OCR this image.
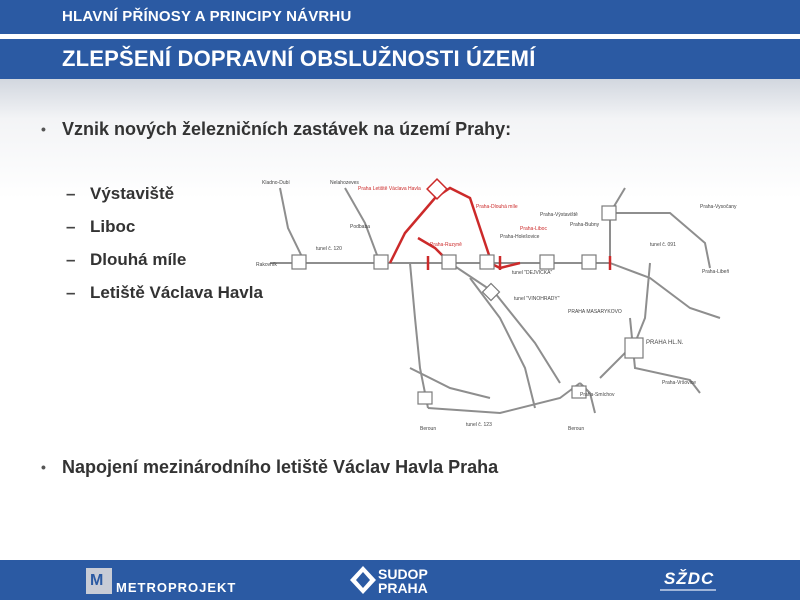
HLAVNÍ PŘÍNOSY A PRINCIPY NÁVRHU
ZLEPŠENÍ DOPRAVNÍ OBSLUŽNOSTI ÚZEMÍ
• Vznik nových železničních zastávek na území Prahy:
– Výstaviště
– Liboc
– Dlouhá míle
– Letiště Václava Havla
Kladno-Dubí	Nelahozeves
Praha Letiště Václava Havla
Praha-Dlouhá míle
Podbaba
Praha-Holešovice
Praha-Ruzyně
Praha-Liboc
Praha-Výstaviště
Praha-Bubny
Praha-Vysočany
Praha-Libeň
tunel "DEJVICKÁ"
tunel "VINOHRADY"
PRAHA MASARYKOVO
PRAHA HL.N.
Praha-Vršovice
Praha-Smíchov
Beroun	Beroun
Rakovník
tunel č. 120
tunel č. 123
tunel č. 091
• Napojení mezinárodního letiště Václav Havla Praha
M METROPROJEKT
SUDOP
PRAHA	SŽDC
